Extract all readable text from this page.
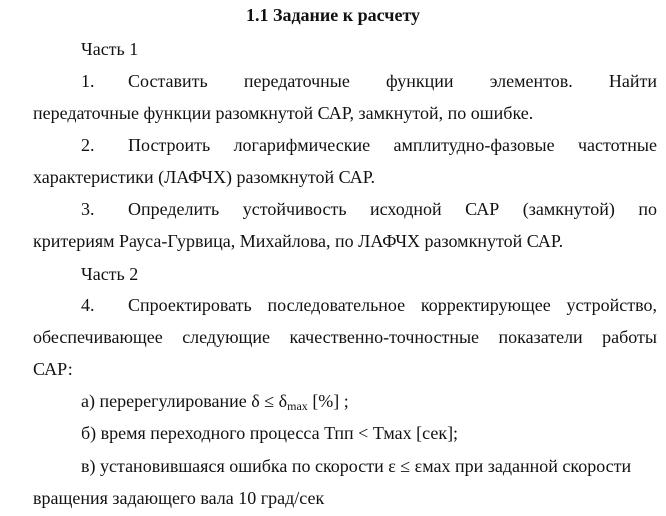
1.1 Задание к расчету
Часть 1
1. Составить передаточные функции элементов. Найти
передаточные функции разомкнутой САР, замкнутой, по ошибке.
2. Построить логарифмические амплитудно-фазовые частотные
характеристики (ЛАФЧХ) разомкнутой САР.
3. Определить устойчивость исходной САР (замкнутой) по
критериям Рауса-Гурвица, Михайлова, по ЛАФЧХ разомкнутой САР.
Часть 2
4. Спроектировать последовательное корректирующее устройство,
обеспечивающее следующие качественно-точностные показатели работы
САР:
а) перерегулирование $\delta \le \delta_{max}$ [%] ;
б) время переходного процесса Тпп < Тмах [сек];
в) установившаяся ошибка по скорости ε ≤ εмах при заданной скорости
вращения задающего вала 10 град/сек
